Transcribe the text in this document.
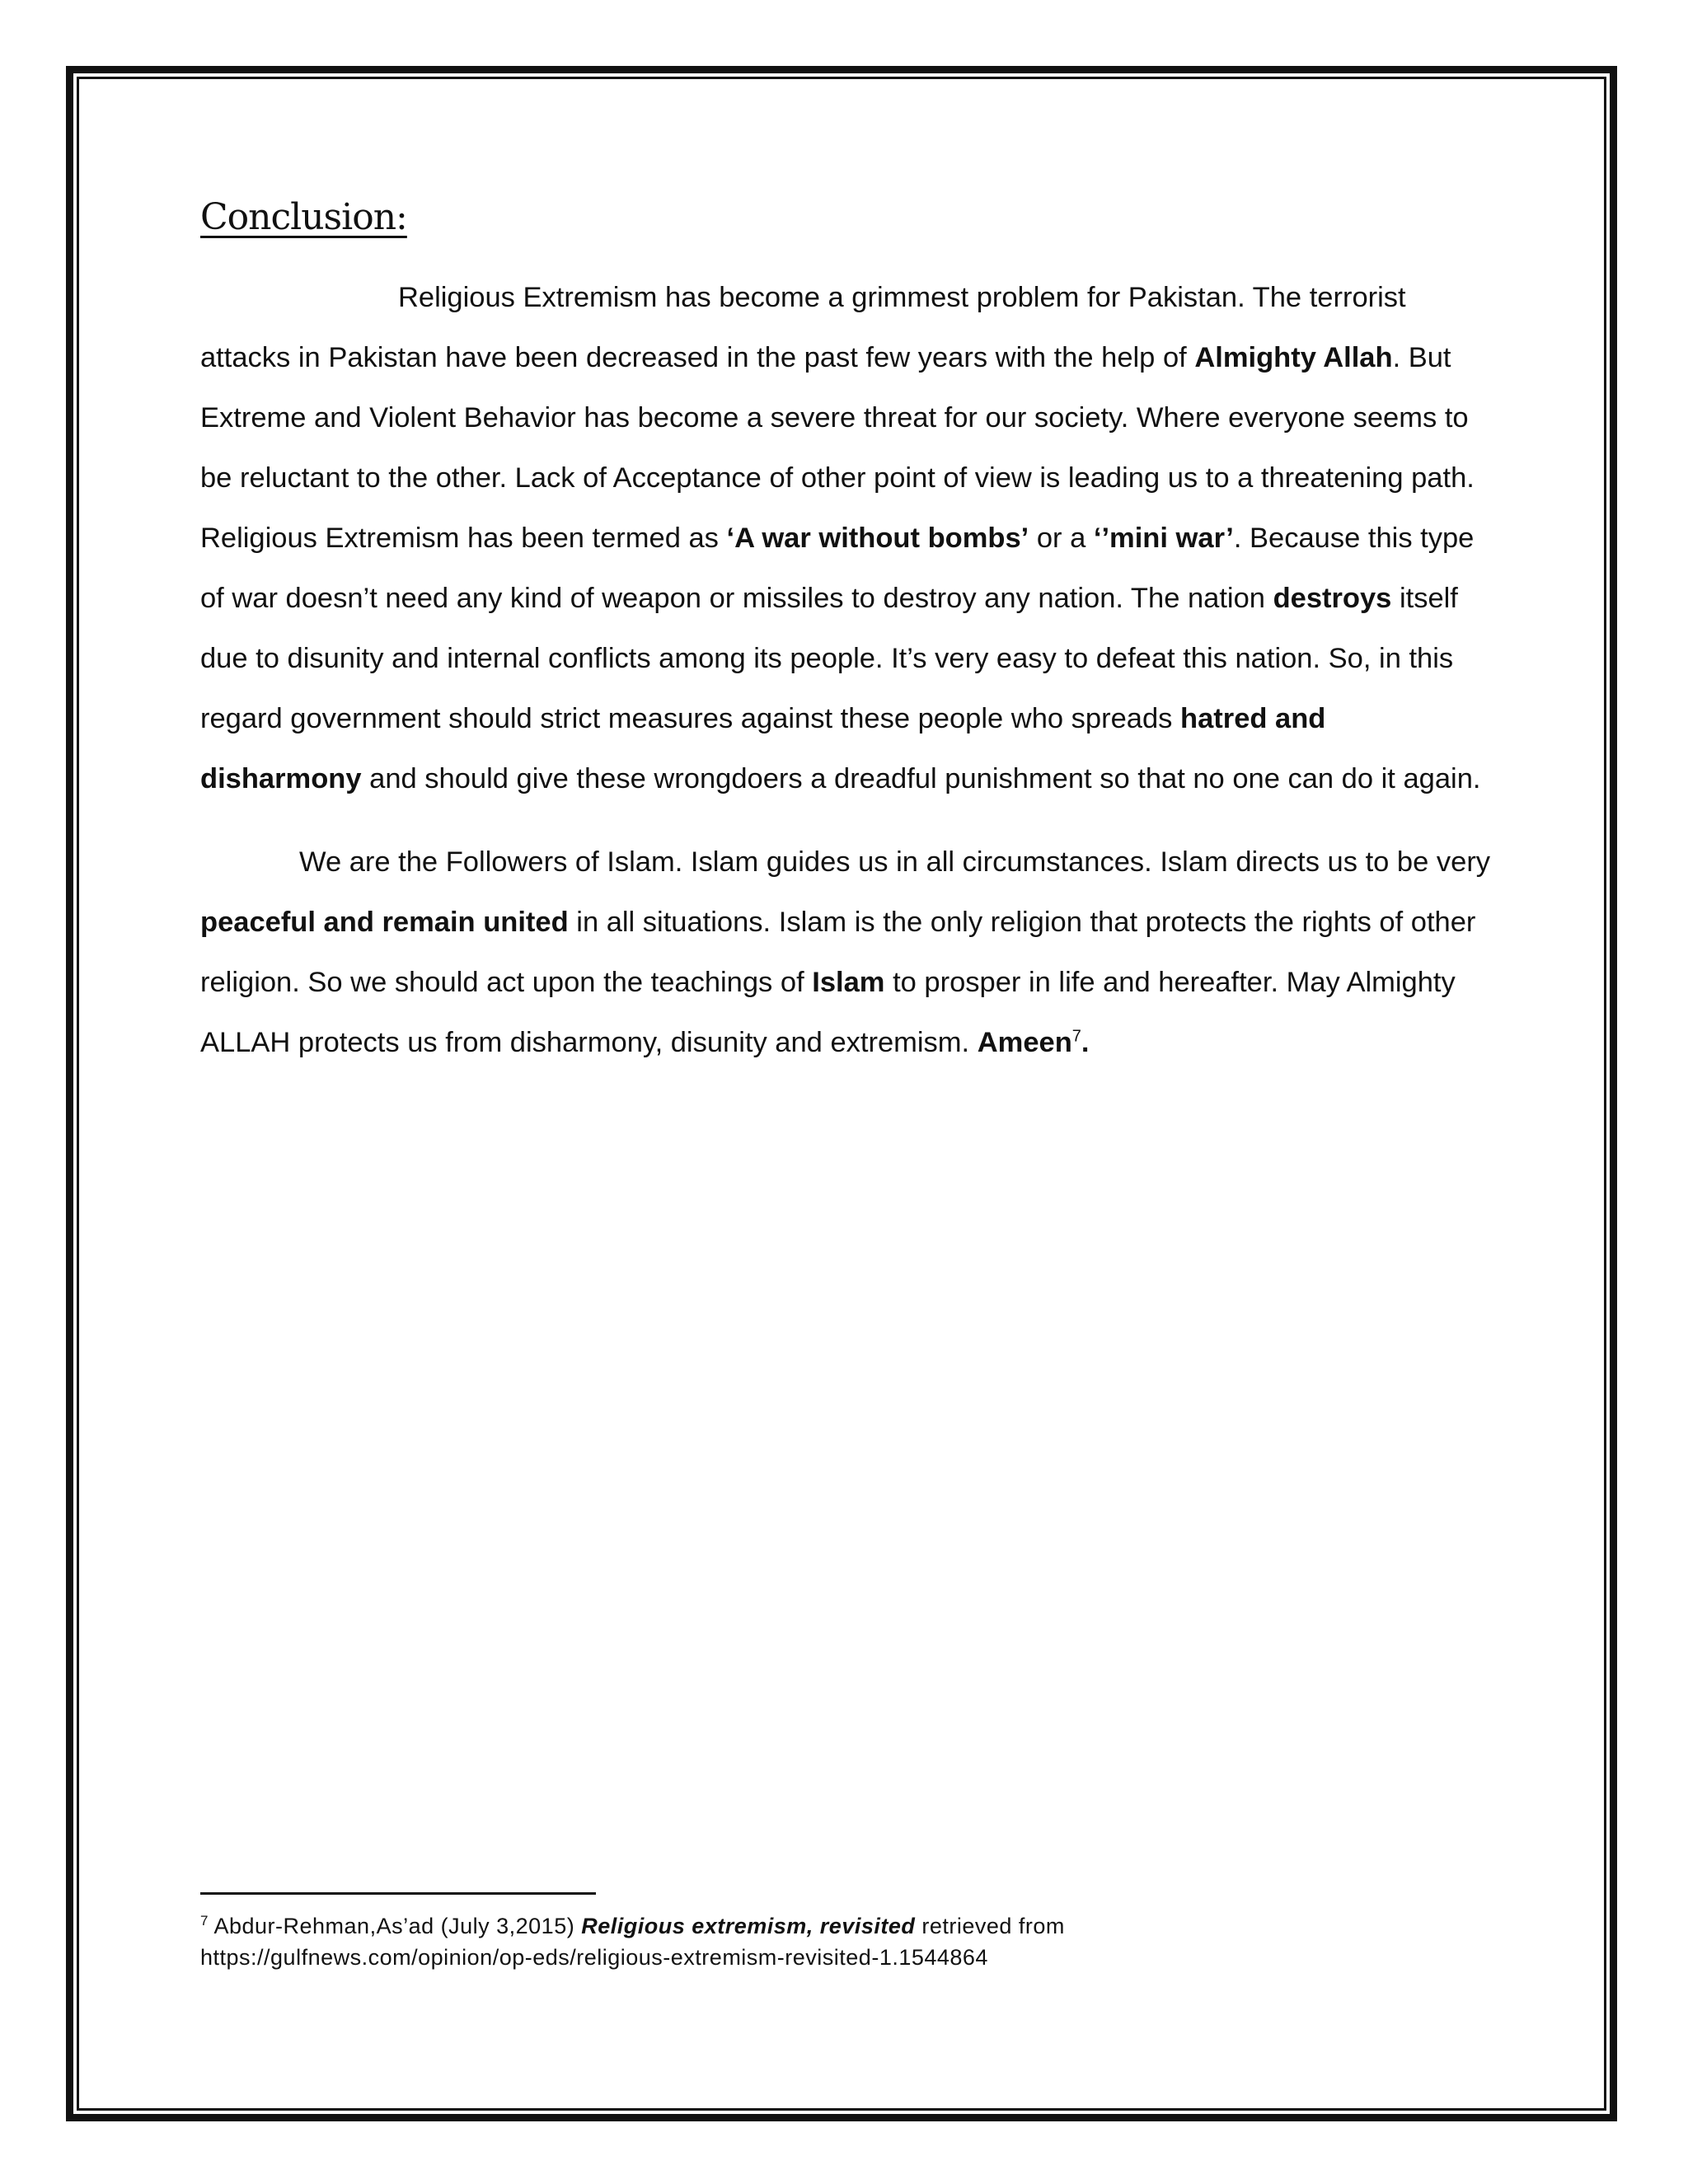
Conclusion:

Religious Extremism has become a grimmest problem for Pakistan. The terrorist attacks in Pakistan have been decreased in the past few years with the help of Almighty Allah. But Extreme and Violent Behavior has become a severe threat for our society. Where everyone seems to be reluctant to the other. Lack of Acceptance of other point of view is leading us to a threatening path. Religious Extremism has been termed as ‘A war without bombs’ or a ‘’mini war’. Because this type of war doesn’t need any kind of weapon or missiles to destroy any nation. The nation destroys itself due to disunity and internal conflicts among its people. It’s very easy to defeat this nation. So, in this regard government should strict measures against these people who spreads hatred and disharmony and should give these wrongdoers a dreadful punishment so that no one can do it again.

We are the Followers of Islam. Islam guides us in all circumstances. Islam directs us to be very peaceful and remain united in all situations. Islam is the only religion that protects the rights of other religion. So we should act upon the teachings of Islam to prosper in life and hereafter. May Almighty ALLAH protects us from disharmony, disunity and extremism. Ameen$^7$.

$^7$ Abdur-Rehman,As’ad (July 3,2015) Religious extremism, revisited retrieved from
https://gulfnews.com/opinion/op-eds/religious-extremism-revisited-1.1544864
